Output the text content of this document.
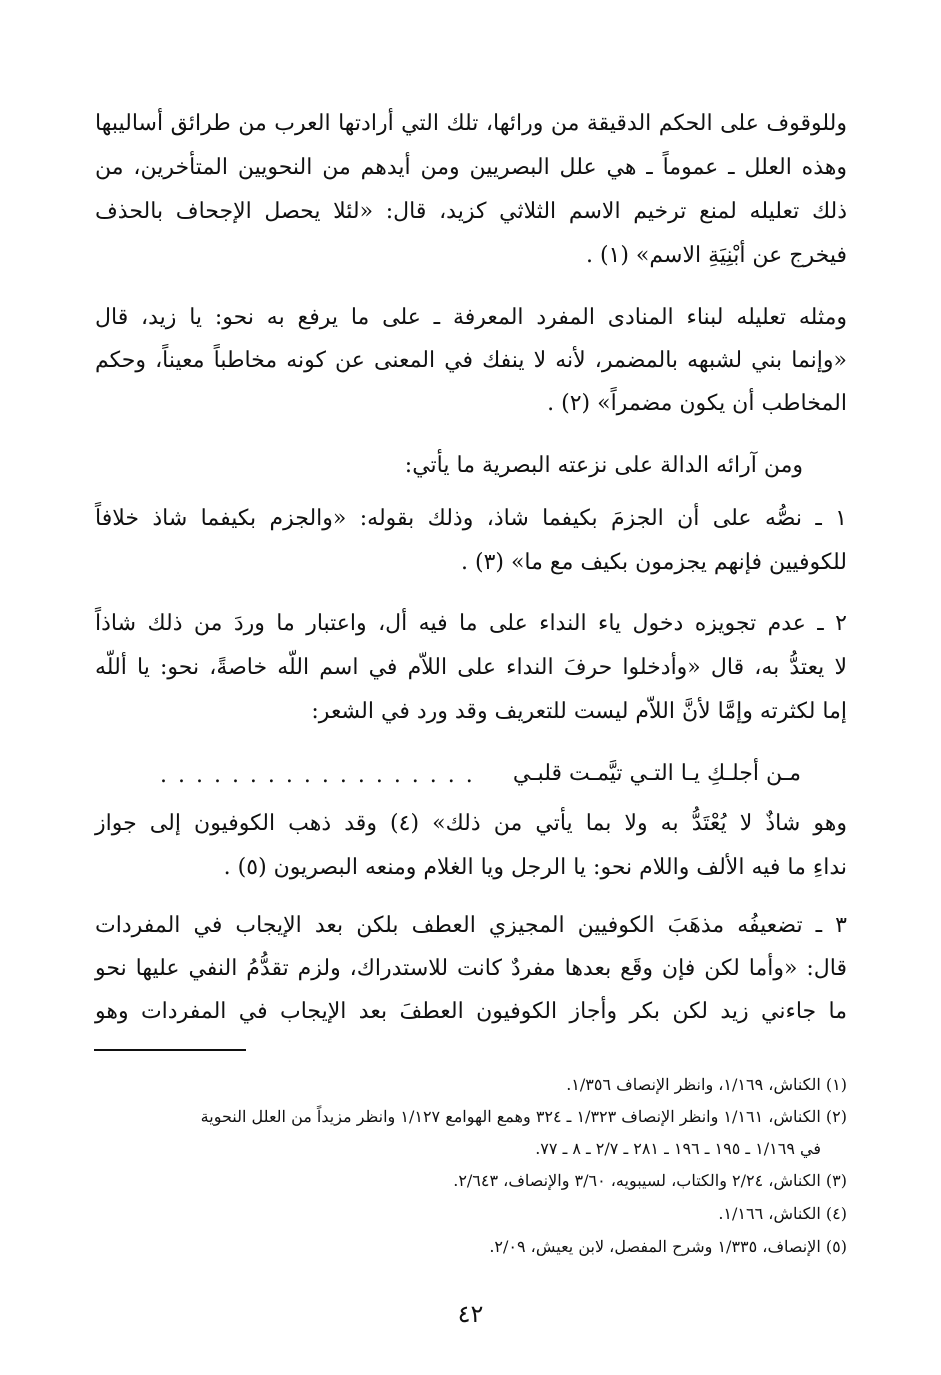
وللوقوف على الحكم الدقيقة من ورائها، تلك التي أرادتها العرب من طرائق أساليبها
وهذه العلل ـ عموماً ـ هي علل البصريين ومن أيدهم من النحويين المتأخرين، من
ذلك تعليله لمنع ترخيم الاسم الثلاثي كزيد، قال: «لئلا يحصل الإجحاف بالحذف
فيخرج عن أبْنِيَةِ الاسم» (١) .
ومثله تعليله لبناء المنادى المفرد المعرفة ـ على ما يرفع به نحو: يا زيد، قال
«وإنما بني لشبهه بالمضمر، لأنه لا ينفك في المعنى عن كونه مخاطباً معيناً، وحكم
المخاطب أن يكون مضمراً» (٢) .
ومن آرائه الدالة على نزعته البصرية ما يأتي:
١ ـ نصُّه على أن الجزمَ بكيفما شاذ، وذلك بقوله: «والجزم بكيفما شاذ خلافاً
للكوفيين فإنهم يجزمون بكيف مع ما» (٣) .
٢ ـ عدم تجويزه دخول ياء النداء على ما فيه أل، واعتبار ما وردَ من ذلك شاذاً
لا يعتدُّ به، قال «وأدخلوا حرفَ النداء على اللاّم في اسم اللّه خاصةً، نحو: يا أللّه
إما لكثرته وإمَّا لأنَّ اللاّم ليست للتعريف وقد ورد في الشعر:
مـن أجلـكِ يـا التـي تيَّمـت قلبـي
. . . . . . . . . . . . . . . . . .
وهو شاذٌ لا يُعْتَدُّ به ولا بما يأتي من ذلك» (٤) وقد ذهب الكوفيون إلى جواز
نداءِ ما فيه الألف واللام نحو: يا الرجل ويا الغلام ومنعه البصريون (٥) .
٣ ـ تضعيفُه مذهَبَ الكوفيين المجيزي العطف بلكن بعد الإيجاب في المفردات
قال: «وأما لكن فإن وقَع بعدها مفردٌ كانت للاستدراك، ولزم تقدُّمُ النفي عليها نحو
ما جاءني زيد لكن بكر وأجاز الكوفيون العطفَ بعد الإيجاب في المفردات وهو
(١) الكناش، ١/١٦٩، وانظر الإنصاف ١/٣٥٦.
(٢) الكناش، ١/١٦١ وانظر الإنصاف ١/٣٢٣ ـ ٣٢٤ وهمع الهوامع ١/١٢٧ وانظر مزيداً من العلل النحوية
في ١/١٦٩ ـ ١٩٥ ـ ١٩٦ ـ ٢٨١ ـ ٢/٧ ـ ٨ ـ ٧٧.
(٣) الكناش، ٢/٢٤ والكتاب، لسيبويه، ٣/٦٠ والإنصاف، ٢/٦٤٣.
(٤) الكناش، ١/١٦٦.
(٥) الإنصاف، ١/٣٣٥ وشرح المفصل، لابن يعيش، ٢/٠٩.
٤٢
